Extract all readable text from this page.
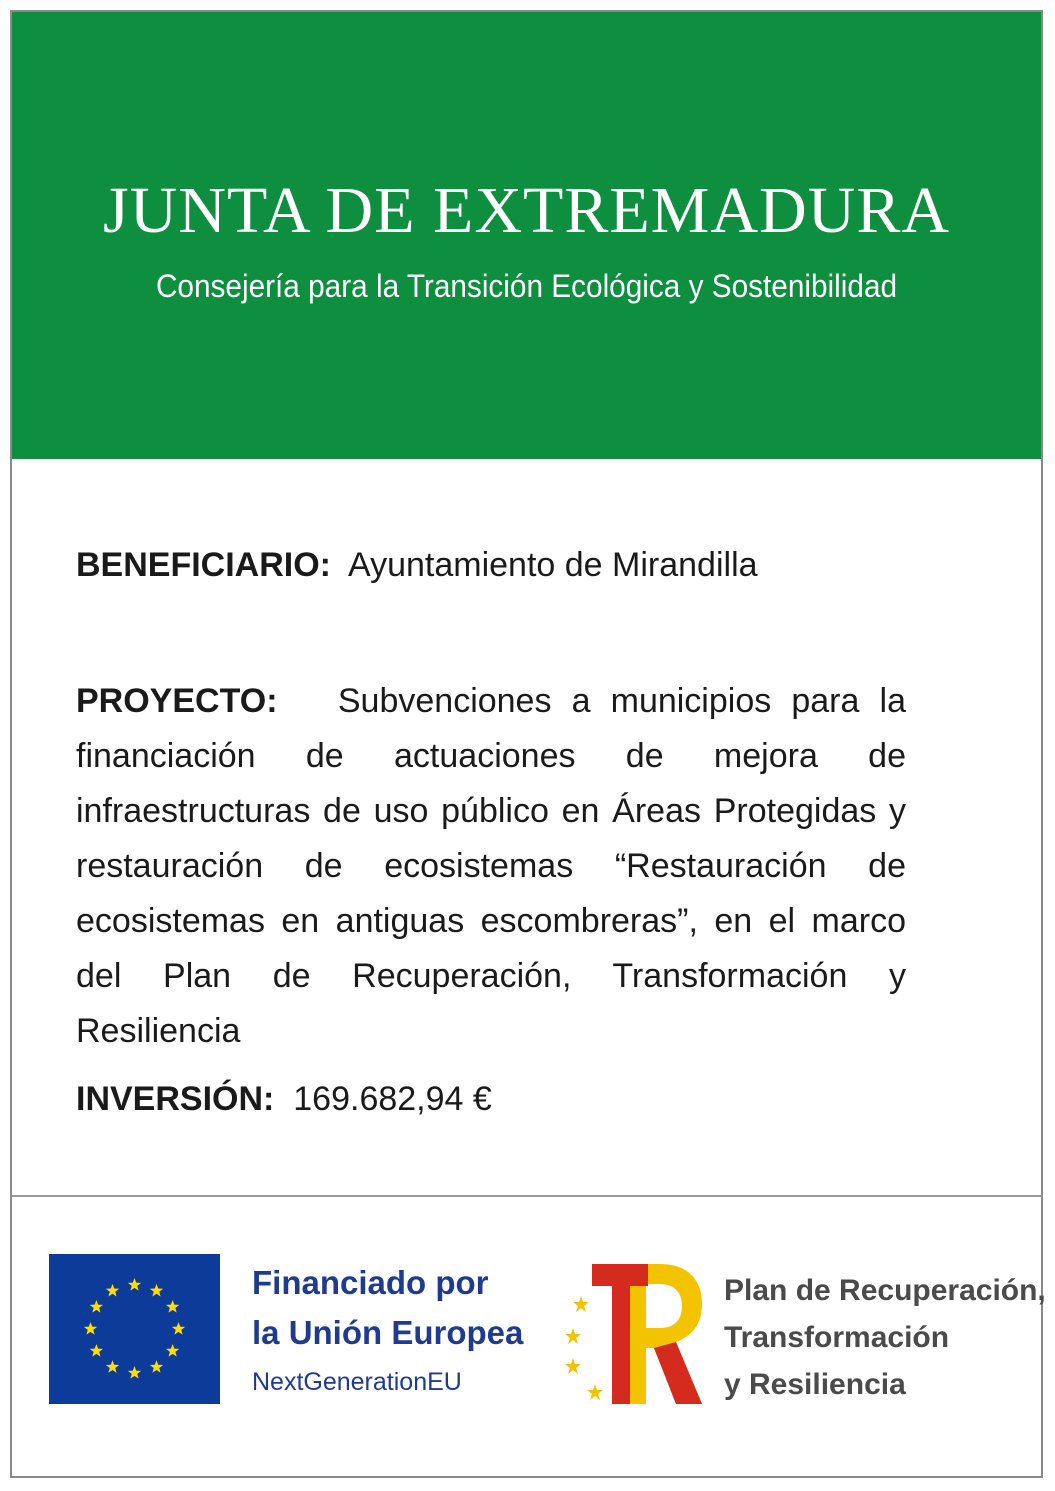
JUNTA DE EXTREMADURA
Consejería para la Transición Ecológica y Sostenibilidad
BENEFICIARIO: Ayuntamiento de Mirandilla
PROYECTO: Subvenciones a municipios para la financiación de actuaciones de mejora de infraestructuras de uso público en Áreas Protegidas y restauración de ecosistemas “Restauración de ecosistemas en antiguas escombreras”, en el marco del Plan de Recuperación, Transformación y Resiliencia
INVERSIÓN: 169.682,94 €
Financiado por
la Unión Europea
NextGenerationEU
Plan de Recuperación,
Transformación
y Resiliencia
